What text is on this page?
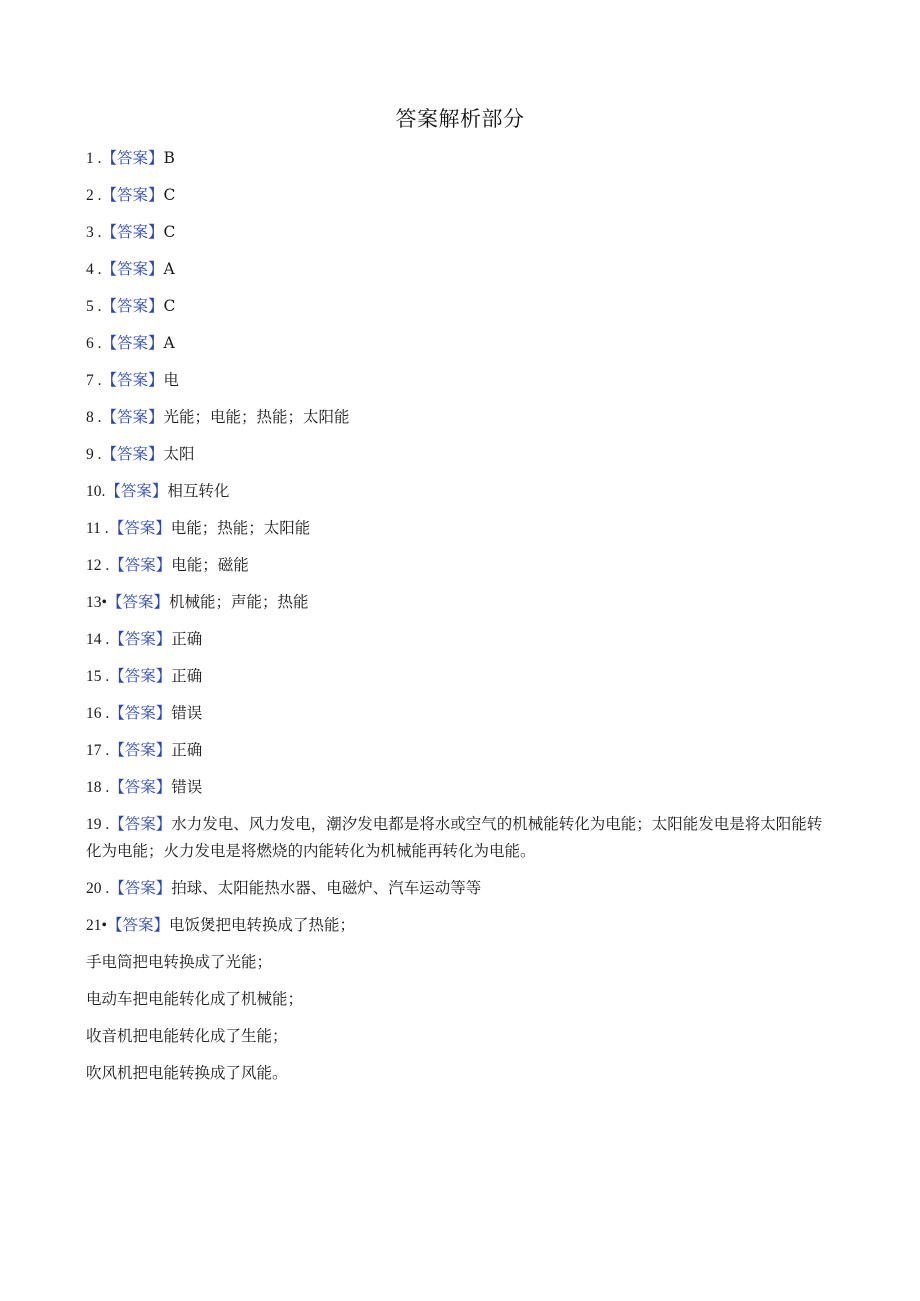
答案解析部分
1 .【答案】B
2 .【答案】C
3 .【答案】C
4 .【答案】A
5 .【答案】C
6 .【答案】A
7 .【答案】电
8 .【答案】光能；电能；热能；太阳能
9 .【答案】太阳
10.【答案】相互转化
11 .【答案】电能；热能；太阳能
12 .【答案】电能；磁能
13•【答案】机械能；声能；热能
14 .【答案】正确
15 .【答案】正确
16 .【答案】错误
17 .【答案】正确
18 .【答案】错误
19 .【答案】水力发电、风力发电，潮汐发电都是将水或空气的机械能转化为电能；太阳能发电是将太阳能转化为电能；火力发电是将燃烧的内能转化为机械能再转化为电能。
20 .【答案】拍球、太阳能热水器、电磁炉、汽车运动等等
21•【答案】电饭煲把电转换成了热能；
手电筒把电转换成了光能；
电动车把电能转化成了机械能；
收音机把电能转化成了生能；
吹风机把电能转换成了风能。
